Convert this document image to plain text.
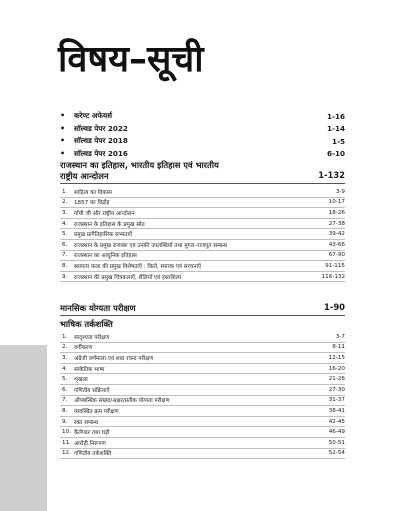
विषय–सूची
•	करेण्ट अफेयर्स	1-16
•	सॉल्वड पेपर 2022	1-14
•	सॉल्वड पेपर 2018	1-5
•	सॉल्वड पेपर 2016	6-10
राजस्थान का इतिहास, भारतीय इतिहास एवं भारतीय
राष्ट्रीय आन्दोलन	1-132
1.	साहित्य का विकास	3-9
2.	1857 का विद्रोह	10-17
3.	गाँधी जी और राष्ट्रीय आन्दोलन	18-26
4.	राजस्थान के इतिहास के प्रमुख स्रोत	27-38
5.	प्रमुख प्रागैतिहासिक सभ्यताएँ	39-42
6.	राजस्थान के प्रमुख राजवंश एवं उनकी उपलब्धियाँ तथा मुगल–राजपूत सम्बन्ध	43-66
7.	राजस्थान का आधुनिक इतिहास	67-90
8.	स्थापत्य कला की प्रमुख विशेषताएँ : किले, स्मारक एवं संरचनाएँ	91-115
9.	राजस्थान की प्रमुख चित्रकलाएँ, शैलियाँ एवं हस्तशिल्प	116-132
मानसिक योग्यता परीक्षण	1-90
भाषिक तर्कशक्ति
1.	सादृश्यता परीक्षण	3-7
2.	वर्गीकरण	8-11
3.	अंग्रेजी वर्णमाला एवं शब्द रचना परीक्षण	12-15
4.	सांकेतिक भाषा	16-20
5.	शृंखला	21-26
6.	गणितीय संक्रियाएँ	27-30
7.	औपबन्धिक संख्या/अक्षर/प्रतीक योग्यता परीक्षण	31-37
8.	व्यवस्थित क्रम परीक्षण	38-41
9.	रक्त सम्बन्ध	42-45
10. कैलेण्डर तथा घड़ी	46-49
11. आरोही निरूपण	50-51
12. गणितीय तर्कशक्ति	52-54
